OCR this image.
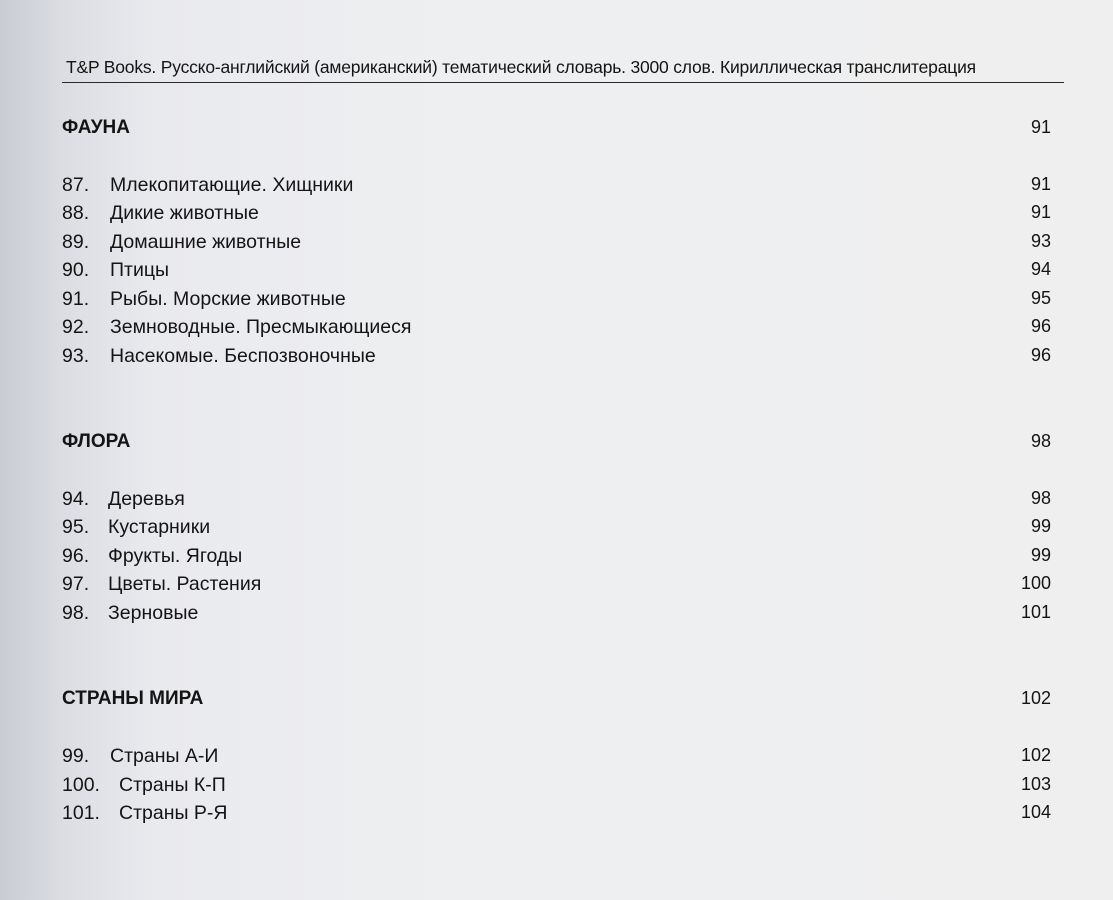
T&P Books. Русско-английский (американский) тематический словарь. 3000 слов. Кириллическая транслитерация
ФАУНА	91
87. Млекопитающие. Хищники	91
88. Дикие животные	91
89. Домашние животные	93
90. Птицы	94
91. Рыбы. Морские животные	95
92. Земноводные. Пресмыкающиеся	96
93. Насекомые. Беспозвоночные	96
ФЛОРА	98
94. Деревья	98
95. Кустарники	99
96. Фрукты. Ягоды	99
97. Цветы. Растения	100
98. Зерновые	101
СТРАНЫ МИРА	102
99. Страны А-И	102
100. Страны К-П	103
101. Страны Р-Я	104
